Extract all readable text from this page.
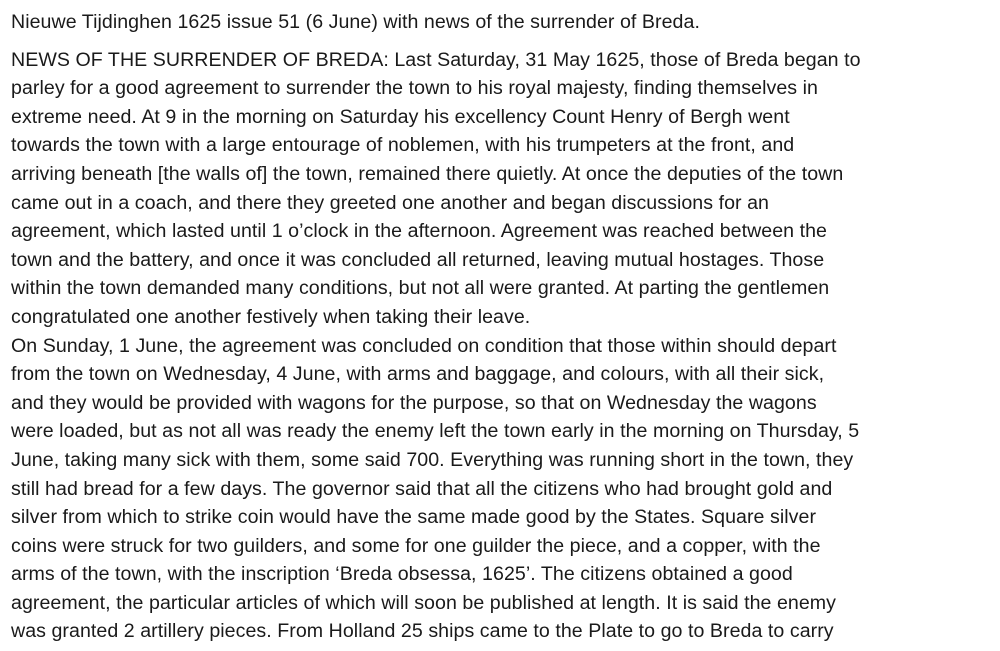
Nieuwe Tijdinghen 1625 issue 51 (6 June) with news of the surrender of Breda.
NEWS OF THE SURRENDER OF BREDA: Last Saturday, 31 May 1625, those of Breda began to
parley for a good agreement to surrender the town to his royal majesty, finding themselves in
extreme need. At 9 in the morning on Saturday his excellency Count Henry of Bergh went
towards the town with a large entourage of noblemen, with his trumpeters at the front, and
arriving beneath [the walls of] the town, remained there quietly. At once the deputies of the town
came out in a coach, and there they greeted one another and began discussions for an
agreement, which lasted until 1 o’clock in the afternoon. Agreement was reached between the
town and the battery, and once it was concluded all returned, leaving mutual hostages. Those
within the town demanded many conditions, but not all were granted. At parting the gentlemen
congratulated one another festively when taking their leave.
On Sunday, 1 June, the agreement was concluded on condition that those within should depart
from the town on Wednesday, 4 June, with arms and baggage, and colours, with all their sick,
and they would be provided with wagons for the purpose, so that on Wednesday the wagons
were loaded, but as not all was ready the enemy left the town early in the morning on Thursday, 5
June, taking many sick with them, some said 700. Everything was running short in the town, they
still had bread for a few days. The governor said that all the citizens who had brought gold and
silver from which to strike coin would have the same made good by the States. Square silver
coins were struck for two guilders, and some for one guilder the piece, and a copper, with the
arms of the town, with the inscription ‘Breda obsessa, 1625’. The citizens obtained a good
agreement, the particular articles of which will soon be published at length. It is said the enemy
was granted 2 artillery pieces. From Holland 25 ships came to the Plate to go to Breda to carry
